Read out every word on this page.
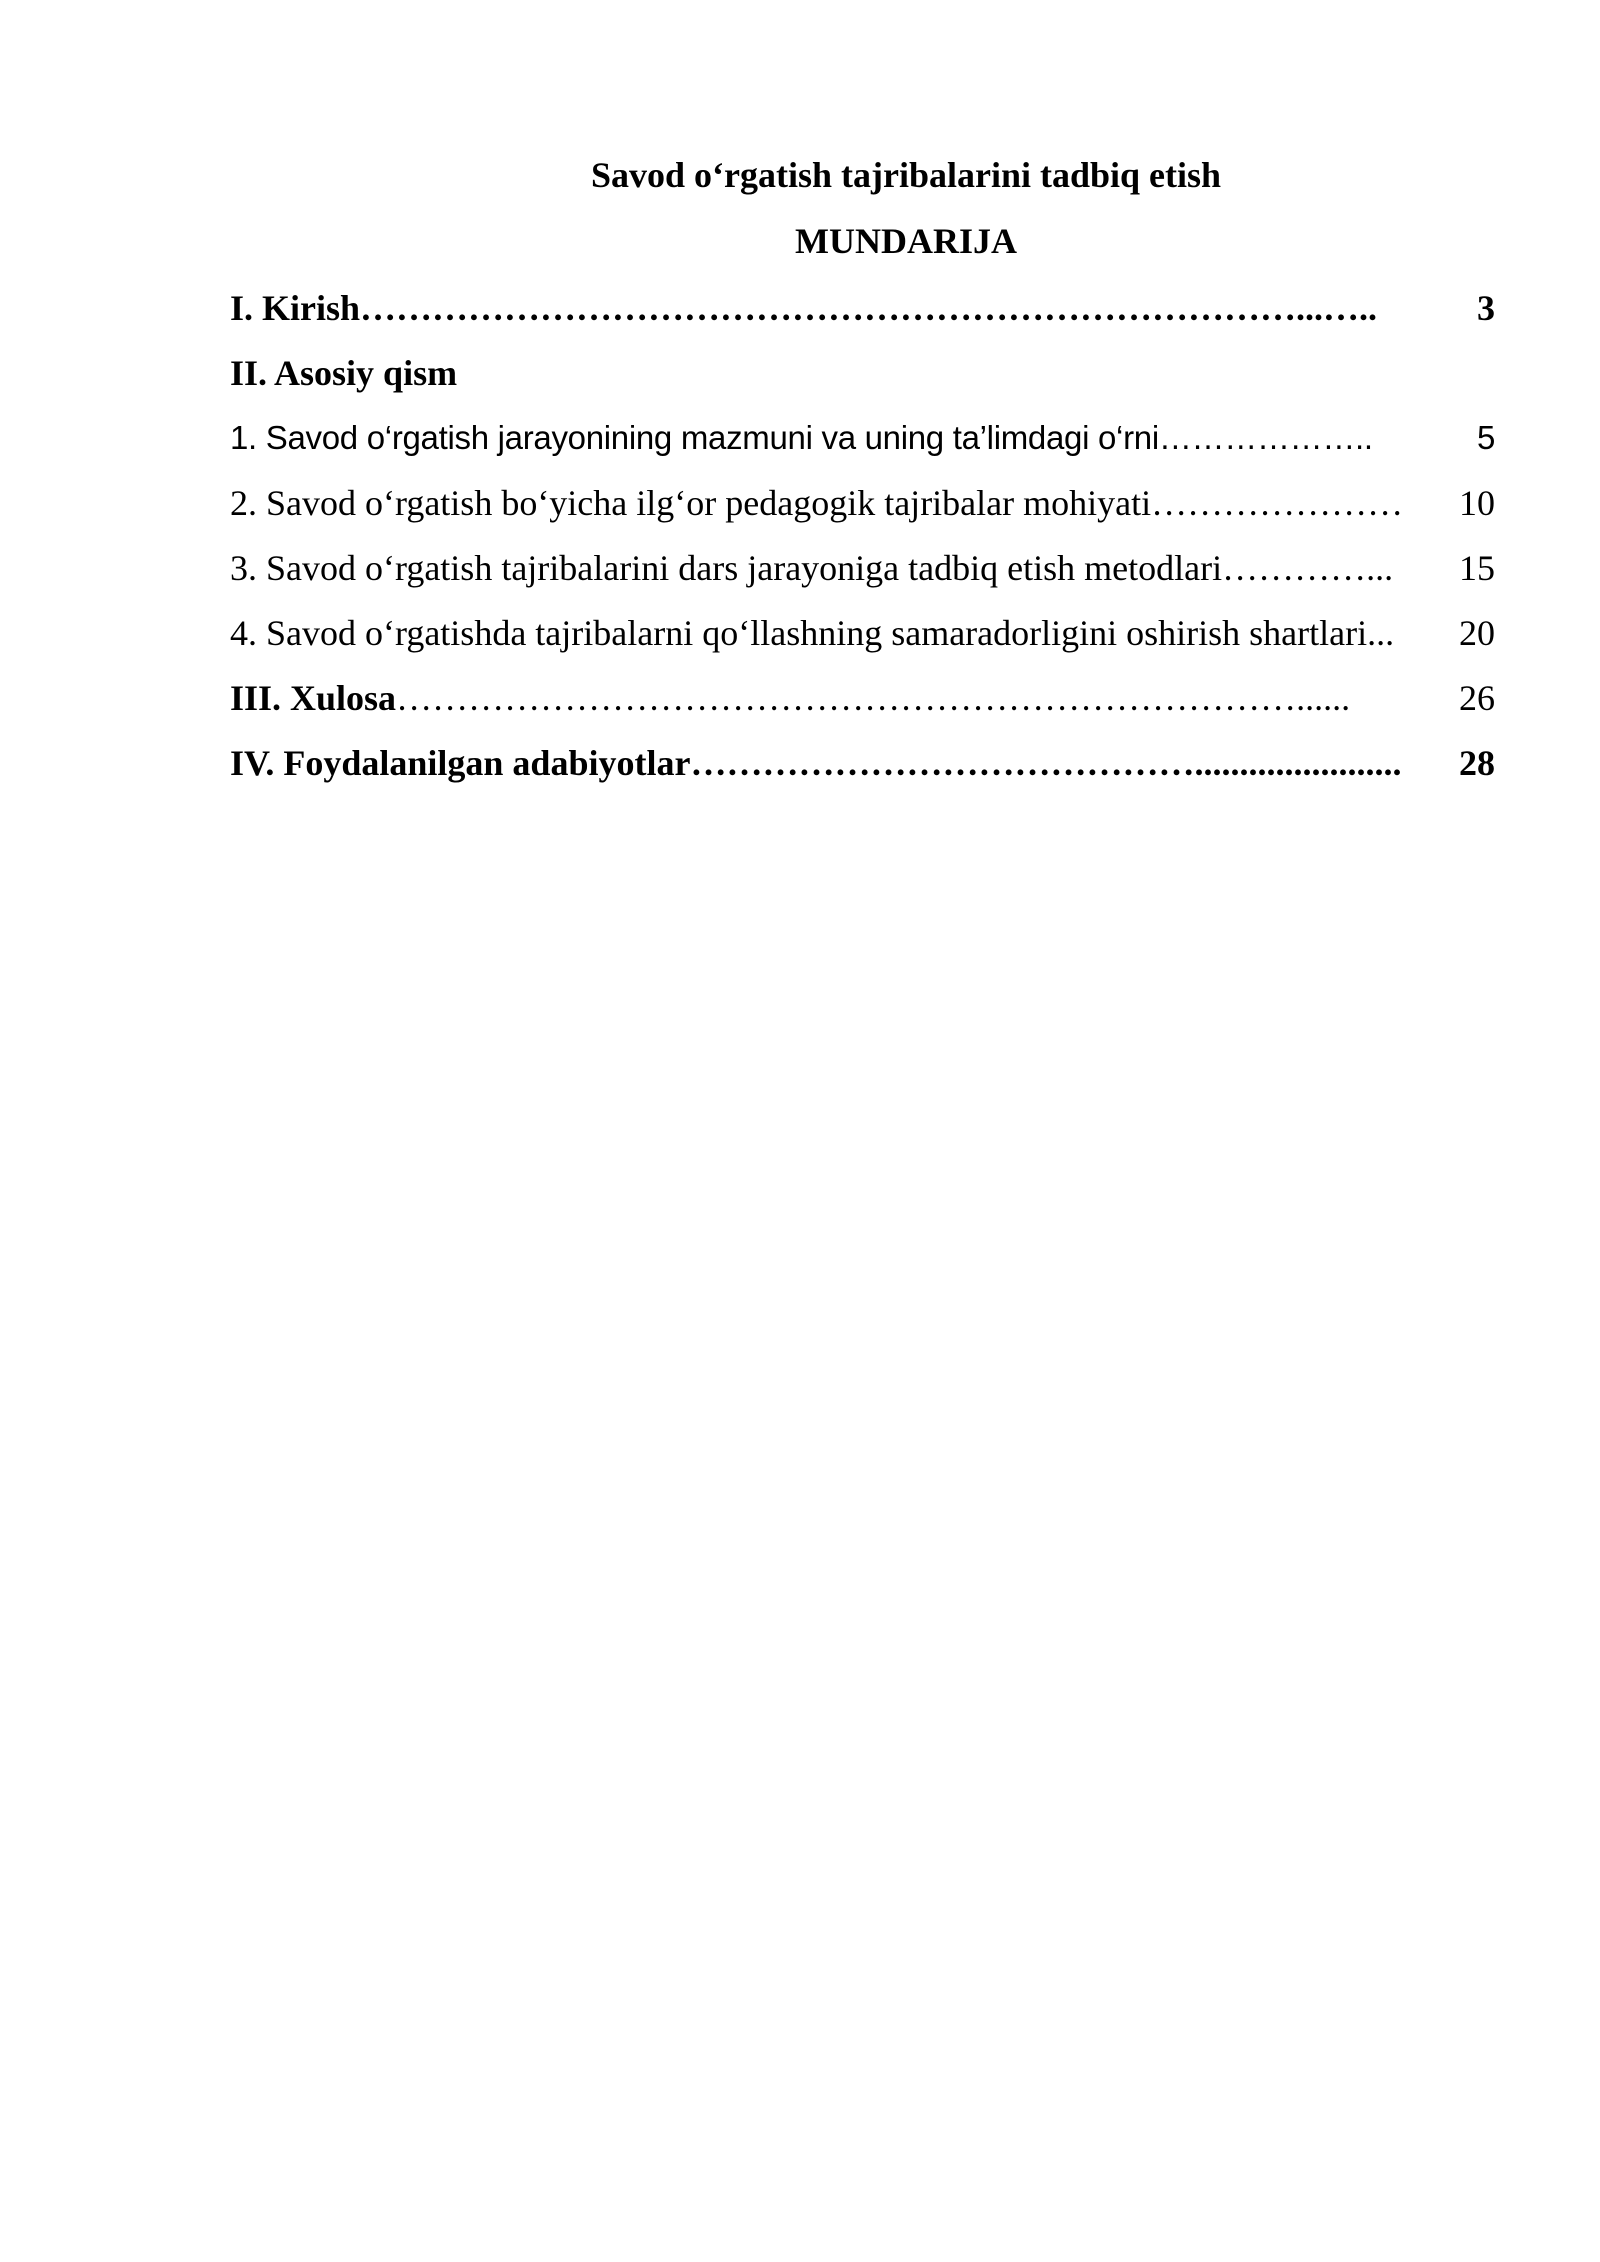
Savod o‘rgatish tajribalarini tadbiq etish
MUNDARIJA
I. Kirish……………………………………………………………………...…..	3
II. Asosiy qism
1. Savod o‘rgatish jarayonining mazmuni va uning ta’limdagi o‘rni………………..	5
2. Savod o‘rgatish bo‘yicha ilg‘or pedagogik tajribalar mohiyati………………… 10
3. Savod o‘rgatish tajribalarini dars jarayoniga tadbiq etish metodlari…………... 15
4. Savod o‘rgatishda tajribalarni qo‘llashning samaradorligini oshirish shartlari... 20
III. Xulosa…………………………………………………………………......	26
IV. Foydalanilgan adabiyotlar……………………………………....................... 28
